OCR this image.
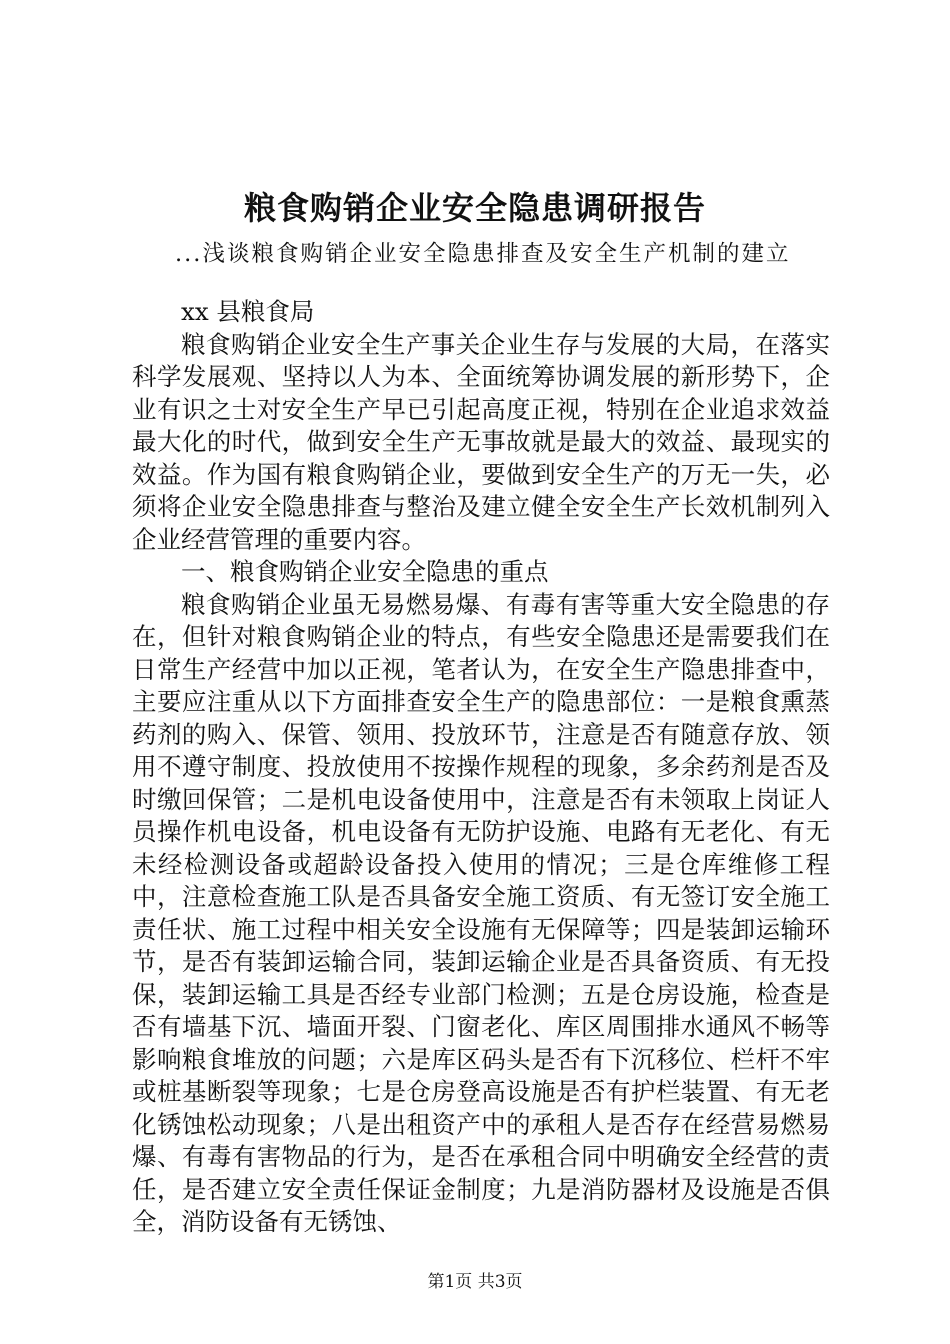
粮食购销企业安全隐患调研报告
...浅谈粮食购销企业安全隐患排查及安全生产机制的建立

xx 县粮食局

粮食购销企业安全生产事关企业生存与发展的大局，在落实科学发展观、坚持以人为本、全面统筹协调发展的新形势下，企业有识之士对安全生产早已引起高度正视，特别在企业追求效益最大化的时代，做到安全生产无事故就是最大的效益、最现实的效益。作为国有粮食购销企业，要做到安全生产的万无一失，必须将企业安全隐患排查与整治及建立健全安全生产长效机制列入企业经营管理的重要内容。

一、粮食购销企业安全隐患的重点

粮食购销企业虽无易燃易爆、有毒有害等重大安全隐患的存在，但针对粮食购销企业的特点，有些安全隐患还是需要我们在日常生产经营中加以正视，笔者认为，在安全生产隐患排查中，主要应注重从以下方面排查安全生产的隐患部位：一是粮食熏蒸药剂的购入、保管、领用、投放环节，注意是否有随意存放、领用不遵守制度、投放使用不按操作规程的现象，多余药剂是否及时缴回保管；二是机电设备使用中，注意是否有未领取上岗证人员操作机电设备，机电设备有无防护设施、电路有无老化、有无未经检测设备或超龄设备投入使用的情况；三是仓库维修工程中，注意检查施工队是否具备安全施工资质、有无签订安全施工责任状、施工过程中相关安全设施有无保障等；四是装卸运输环节，是否有装卸运输合同，装卸运输企业是否具备资质、有无投保，装卸运输工具是否经专业部门检测；五是仓房设施，检查是否有墙基下沉、墙面开裂、门窗老化、库区周围排水通风不畅等影响粮食堆放的问题；六是库区码头是否有下沉移位、栏杆不牢或桩基断裂等现象；七是仓房登高设施是否有护栏装置、有无老化锈蚀松动现象；八是出租资产中的承租人是否存在经营易燃易爆、有毒有害物品的行为，是否在承租合同中明确安全经营的责任，是否建立安全责任保证金制度；九是消防器材及设施是否俱全，消防设备有无锈蚀、

第1页 共3页
